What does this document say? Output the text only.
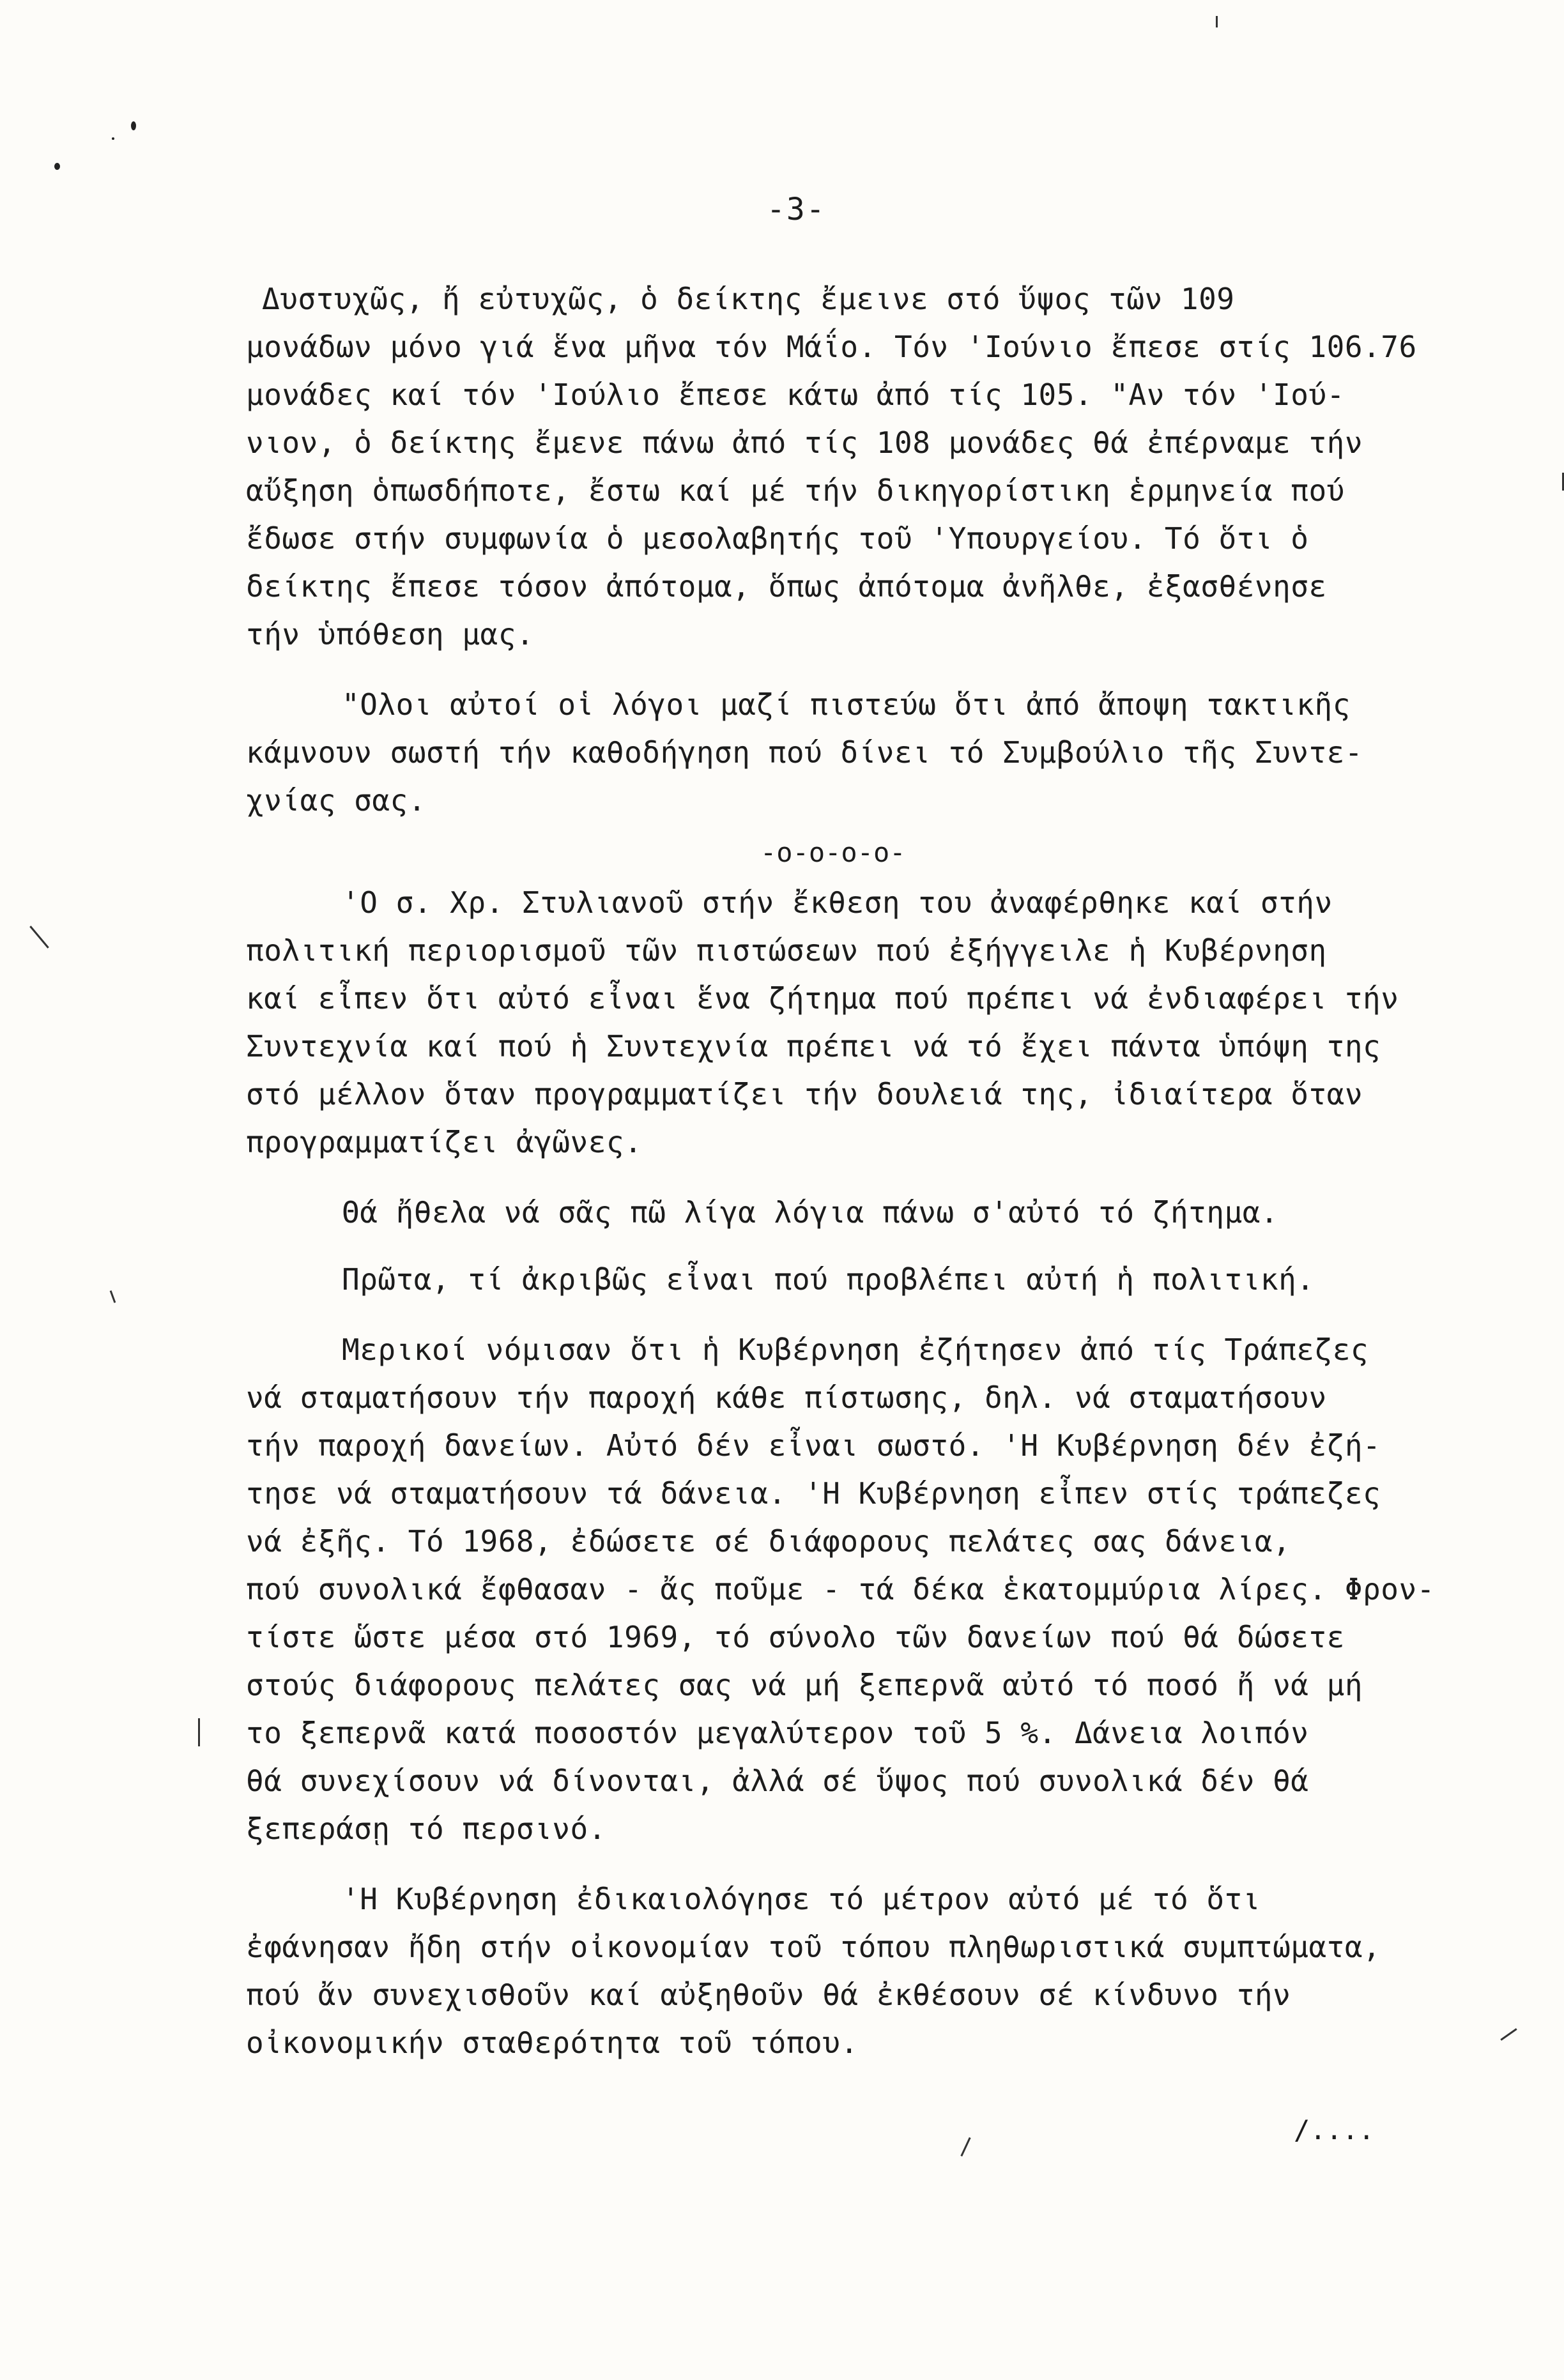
-3-
Δυστυχῶς, ἤ εὐτυχῶς, ὁ δείκτης ἔμεινε στό ὕψος τῶν 109
μονάδων μόνο γιά ἕνα μῆνα τόν Μάΐο. Τόν 'Ιούνιο ἔπεσε στίς 106.76
μονάδες καί τόν 'Ιούλιο ἔπεσε κάτω ἀπό τίς 105. "Αν τόν 'Ιού-
νιον, ὁ δείκτης ἔμενε πάνω ἀπό τίς 108 μονάδες θά ἐπέρναμε τήν
αὔξηση ὁπωσδήποτε, ἔστω καί μέ τήν δικηγορίστικη ἑρμηνεία πού
ἔδωσε στήν συμφωνία ὁ μεσολαβητής τοῦ 'Υπουργείου. Τό ὅτι ὁ
δείκτης ἔπεσε τόσον ἀπότομα, ὅπως ἀπότομα ἀνῆλθε, ἐξασθένησε
τήν ὑπόθεση μας.
"Ολοι αὐτοί οἱ λόγοι μαζί πιστεύω ὅτι ἀπό ἄποψη τακτικῆς
κάμνουν σωστή τήν καθοδήγηση πού δίνει τό Συμβούλιο τῆς Συντε-
χνίας σας.
-o-o-o-o-
'Ο σ. Χρ. Στυλιανοῦ στήν ἔκθεση του ἀναφέρθηκε καί στήν
πολιτική περιορισμοῦ τῶν πιστώσεων πού ἐξήγγειλε ἡ Κυβέρνηση
καί εἶπεν ὅτι αὐτό εἶναι ἕνα ζήτημα πού πρέπει νά ἐνδιαφέρει τήν
Συντεχνία καί πού ἡ Συντεχνία πρέπει νά τό ἔχει πάντα ὑπόψη της
στό μέλλον ὅταν προγραμματίζει τήν δουλειά της, ἰδιαίτερα ὅταν
προγραμματίζει ἀγῶνες.
Θά ἤθελα νά σᾶς πῶ λίγα λόγια πάνω σ'αὐτό τό ζήτημα.
Πρῶτα, τί ἀκριβῶς εἶναι πού προβλέπει αὐτή ἡ πολιτική.
Μερικοί νόμισαν ὅτι ἡ Κυβέρνηση ἐζήτησεν ἀπό τίς Τράπεζες
νά σταματήσουν τήν παροχή κάθε πίστωσης, δηλ. νά σταματήσουν
τήν παροχή δανείων. Αὐτό δέν εἶναι σωστό. 'Η Κυβέρνηση δέν ἐζή-
τησε νά σταματήσουν τά δάνεια. 'Η Κυβέρνηση εἶπεν στίς τράπεζες
νά ἐξῆς. Τό 1968, ἐδώσετε σέ διάφορους πελάτες σας δάνεια,
πού συνολικά ἔφθασαν - ἄς ποῦμε - τά δέκα ἑκατομμύρια λίρες. Φρον-
τίστε ὥστε μέσα στό 1969, τό σύνολο τῶν δανείων πού θά δώσετε
στούς διάφορους πελάτες σας νά μή ξεπερνᾶ αὐτό τό ποσό ἤ νά μή
το ξεπερνᾶ κατά ποσοστόν μεγαλύτερον τοῦ 5 %. Δάνεια λοιπόν
θά συνεχίσουν νά δίνονται, ἀλλά σέ ὕψος πού συνολικά δέν θά
ξεπεράσῃ τό περσινό.
'Η Κυβέρνηση ἐδικαιολόγησε τό μέτρον αὐτό μέ τό ὅτι
ἐφάνησαν ἤδη στήν οἰκονομίαν τοῦ τόπου πληθωριστικά συμπτώματα,
πού ἄν συνεχισθοῦν καί αὐξηθοῦν θά ἐκθέσουν σέ κίνδυνο τήν
οἰκονομικήν σταθερότητα τοῦ τόπου.
/....
